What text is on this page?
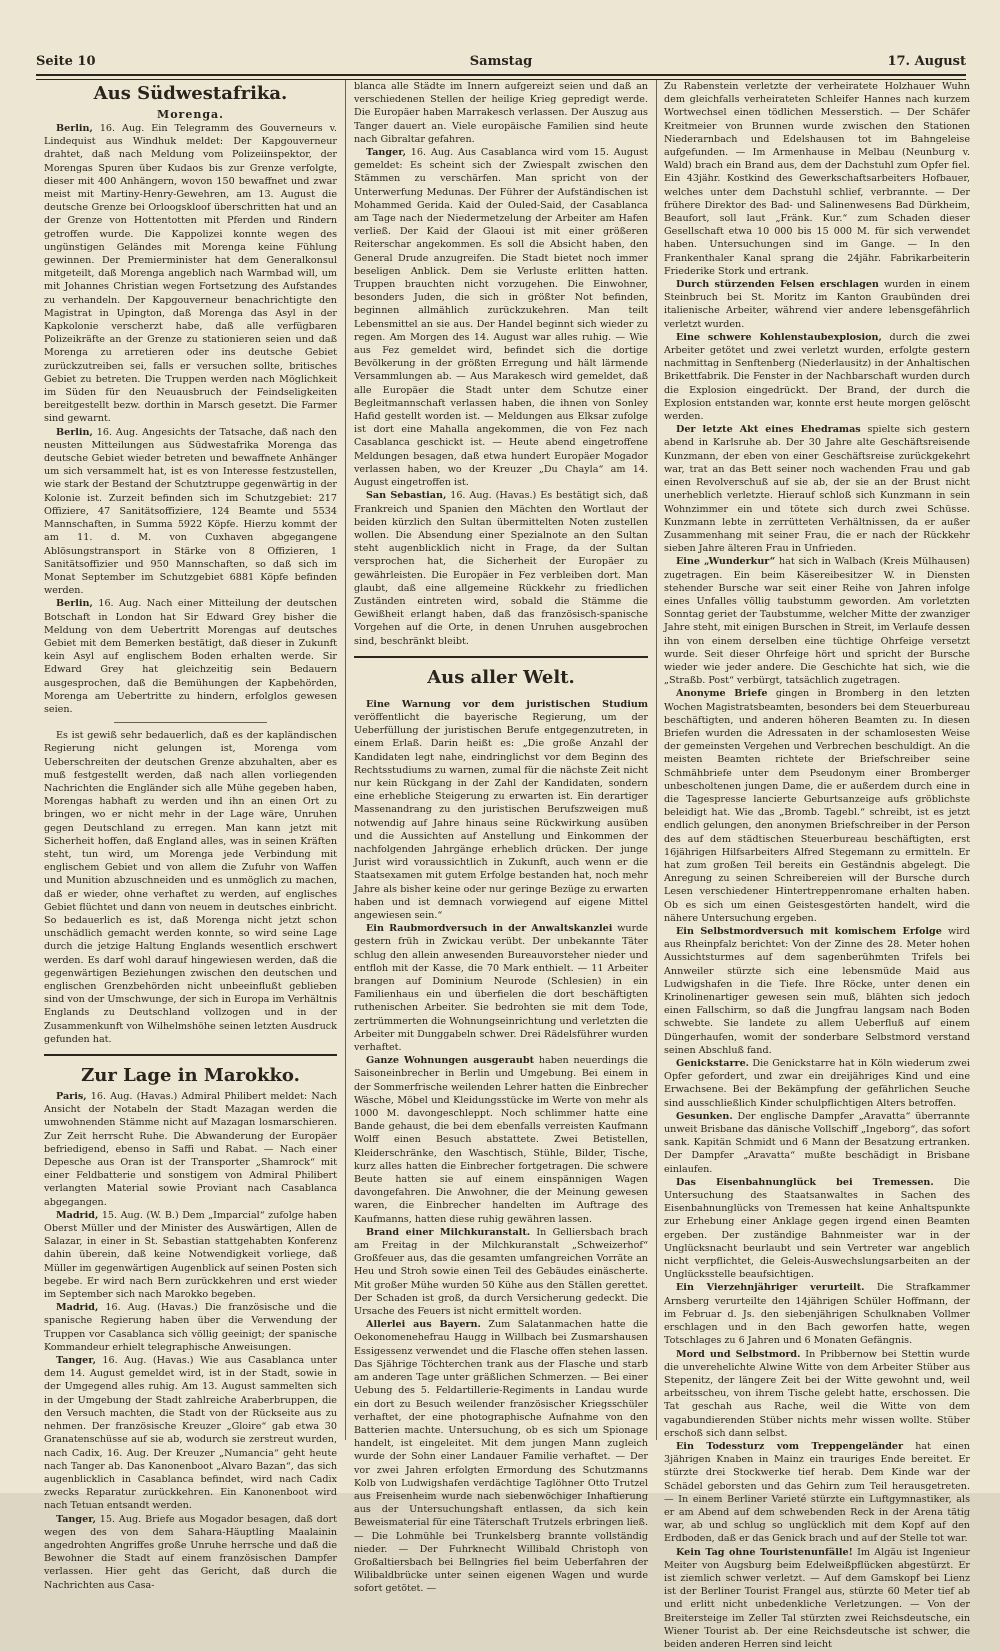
Seite 10	Samstag	17. August
Aus Südwestafrika.
Morenga.

Berlin, 16. Aug. Ein Telegramm des Gouverneurs v. Lindequist aus Windhuk meldet: Der Kapgouverneur drahtet, daß nach Meldung vom Polizeiinspektor, der Morengas Spuren über Kudaos bis zur Grenze verfolgte, dieser mit 400 Anhängern, wovon 150 bewaffnet und zwar meist mit Martiny-Henry-Gewehren, am 13. August die deutsche Grenze bei Orloogskloof überschritten hat und an der Grenze von Hottentotten mit Pferden und Rindern getroffen wurde. Die Kappolizei konnte wegen des ungünstigen Geländes mit Morenga keine Fühlung gewinnen. Der Premierminister hat dem Generalkonsul mitgeteilt, daß Morenga angeblich nach Warmbad will, um mit Johannes Christian wegen Fortsetzung des Aufstandes zu verhandeln. Der Kapgouverneur benachrichtigte den Magistrat in Upington, daß Morenga das Asyl in der Kapkolonie verscherzt habe, daß alle verfügbaren Polizeikräfte an der Grenze zu stationieren seien und daß Morenga zu arretieren oder ins deutsche Gebiet zurückzutreiben sei, falls er versuchen sollte, britisches Gebiet zu betreten. Die Truppen werden nach Möglichkeit im Süden für den Neuausbruch der Feindseligkeiten bereitgestellt bezw. dorthin in Marsch gesetzt. Die Farmer sind gewarnt.

Berlin, 16. Aug. Angesichts der Tatsache, daß nach den neusten Mitteilungen aus Südwestafrika Morenga das deutsche Gebiet wieder betreten und bewaffnete Anhänger um sich versammelt hat, ist es von Interesse festzustellen, wie stark der Bestand der Schutztruppe gegenwärtig in der Kolonie ist. Zurzeit befinden sich im Schutzgebiet: 217 Offiziere, 47 Sanitätsoffiziere, 124 Beamte und 5534 Mannschaften, in Summa 5922 Köpfe. Hierzu kommt der am 11. d. M. von Cuxhaven abgegangene Ablösungstransport in Stärke von 8 Offizieren, 1 Sanitätsoffizier und 950 Mannschaften, so daß sich im Monat September im Schutzgebiet 6881 Köpfe befinden werden.

Berlin, 16. Aug. Nach einer Mitteilung der deutschen Botschaft in London hat Sir Edward Grey bisher die Meldung von dem Uebertritt Morengas auf deutsches Gebiet mit dem Bemerken bestätigt, daß dieser in Zukunft kein Asyl auf englischem Boden erhalten werde. Sir Edward Grey hat gleichzeitig sein Bedauern ausgesprochen, daß die Bemühungen der Kapbehörden, Morenga am Uebertritte zu hindern, erfolglos gewesen seien.

Es ist gewiß sehr bedauerlich, daß es der kapländischen Regierung nicht gelungen ist, Morenga vom Ueberschreiten der deutschen Grenze abzuhalten, aber es muß festgestellt werden, daß nach allen vorliegenden Nachrichten die Engländer sich alle Mühe gegeben haben, Morengas habhaft zu werden und ihn an einen Ort zu bringen, wo er nicht mehr in der Lage wäre, Unruhen gegen Deutschland zu erregen. Man kann jetzt mit Sicherheit hoffen, daß England alles, was in seinen Kräften steht, tun wird, um Morenga jede Verbindung mit englischem Gebiet und von allem die Zufuhr von Waffen und Munition abzuschneiden und es unmöglich zu machen, daß er wieder, ohne verhaftet zu werden, auf englisches Gebiet flüchtet und dann von neuem in deutsches einbricht. So bedauerlich es ist, daß Morenga nicht jetzt schon unschädlich gemacht werden konnte, so wird seine Lage durch die jetzige Haltung Englands wesentlich erschwert werden. Es darf wohl darauf hingewiesen werden, daß die gegenwärtigen Beziehungen zwischen den deutschen und englischen Grenzbehörden nicht unbeeinflußt geblieben sind von der Umschwunge, der sich in Europa im Verhältnis Englands zu Deutschland vollzogen und in der Zusammenkunft von Wilhelmshöhe seinen letzten Ausdruck gefunden hat.

Zur Lage in Marokko.

Paris, 16. Aug. (Havas.) Admiral Philibert meldet: Nach Ansicht der Notabeln der Stadt Mazagan werden die umwohnenden Stämme nicht auf Mazagan losmarschieren. Zur Zeit herrscht Ruhe. Die Abwanderung der Europäer befriedigend, ebenso in Saffi und Rabat. — Nach einer Depesche aus Oran ist der Transporter „Shamrock“ mit einer Feldbatterie und sonstigem von Admiral Philibert verlangten Material sowie Proviant nach Casablanca abgegangen.

Madrid, 15. Aug. (W. B.) Dem „Imparcial“ zufolge haben Oberst Müller und der Minister des Auswärtigen, Allen de Salazar, in einer in St. Sebastian stattgehabten Konferenz dahin überein, daß keine Notwendigkeit vorliege, daß Müller im gegenwärtigen Augenblick auf seinen Posten sich begebe. Er wird nach Bern zurückkehren und erst wieder im September sich nach Marokko begeben.

Madrid, 16. Aug. (Havas.) Die französische und die spanische Regierung haben über die Verwendung der Truppen vor Casablanca sich völlig geeinigt; der spanische Kommandeur erhielt telegraphische Anweisungen.

Tanger, 16. Aug. (Havas.) Wie aus Casablanca unter dem 14. August gemeldet wird, ist in der Stadt, sowie in der Umgegend alles ruhig. Am 13. August sammelten sich in der Umgebung der Stadt zahlreiche Araberbruppen, die den Versuch machten, die Stadt von der Rückseite aus zu nehmen. Der französische Kreuzer „Gloire“ gab etwa 30 Granatenschüsse auf sie ab, wodurch sie zerstreut wurden, nach Cadix, 16. Aug. Der Kreuzer „Numancia“ geht heute nach Tanger ab. Das Kanonenboot „Alvaro Bazan“, das sich augenblicklich in Casablanca befindet, wird nach Cadix zwecks Reparatur zurückkehren. Ein Kanonenboot wird nach Tetuan entsandt werden.

Tanger, 15. Aug. Briefe aus Mogador besagen, daß dort wegen des von dem Sahara-Häuptling Maalainin angedrohten Angriffes große Unruhe herrsche und daß die Bewohner die Stadt auf einem französischen Dampfer verlassen. Hier geht das Gericht, daß durch die Nachrichten aus Casa-

blanca alle Städte im Innern aufgereizt seien und daß an verschiedenen Stellen der heilige Krieg gepredigt werde. Die Europäer haben Marrakesch verlassen. Der Auszug aus Tanger dauert an. Viele europäische Familien sind heute nach Gibraltar gefahren.

Tanger, 16. Aug. Aus Casablanca wird vom 15. August gemeldet: Es scheint sich der Zwiespalt zwischen den Stämmen zu verschärfen. Man spricht von der Unterwerfung Medunas. Der Führer der Aufständischen ist Mohammed Gerida. Kaid der Ouled-Said, der Casablanca am Tage nach der Niedermetzelung der Arbeiter am Hafen verließ. Der Kaid der Glaoui ist mit einer größeren Reiterschar angekommen. Es soll die Absicht haben, den General Drude anzugreifen. Die Stadt bietet noch immer beseligen Anblick. Dem sie Verluste erlitten hatten. Truppen brauchten nicht vorzugehen. Die Einwohner, besonders Juden, die sich in größter Not befinden, beginnen allmählich zurückzukehren. Man teilt Lebensmittel an sie aus. Der Handel beginnt sich wieder zu regen. Am Morgen des 14. August war alles ruhig. — Wie aus Fez gemeldet wird, befindet sich die dortige Bevölkerung in der größten Erregung und hält lärmende Versammlungen ab. — Aus Marakesch wird gemeldet, daß alle Europäer die Stadt unter dem Schutze einer Begleitmannschaft verlassen haben, die ihnen von Sonley Hafid gestellt worden ist. — Meldungen aus Elksar zufolge ist dort eine Mahalla angekommen, die von Fez nach Casablanca geschickt ist. — Heute abend eingetroffene Meldungen besagen, daß etwa hundert Europäer Mogador verlassen haben, wo der Kreuzer „Du Chayla“ am 14. August eingetroffen ist.

San Sebastian, 16. Aug. (Havas.) Es bestätigt sich, daß Frankreich und Spanien den Mächten den Wortlaut der beiden kürzlich den Sultan übermittelten Noten zustellen wollen. Die Absendung einer Spezialnote an den Sultan steht augenblicklich nicht in Frage, da der Sultan versprochen hat, die Sicherheit der Europäer zu gewährleisten. Die Europäer in Fez verbleiben dort. Man glaubt, daß eine allgemeine Rückkehr zu friedlichen Zuständen eintreten wird, sobald die Stämme die Gewißheit erlangt haben, daß das französisch-spanische Vorgehen auf die Orte, in denen Unruhen ausgebrochen sind, beschränkt bleibt.

Aus aller Welt.

Eine Warnung vor dem juristischen Studium veröffentlicht die bayerische Regierung, um der Ueberfüllung der juristischen Berufe entgegenzutreten, in einem Erlaß. Darin heißt es: „Die große Anzahl der Kandidaten legt nahe, eindringlichst vor dem Beginn des Rechtsstudiums zu warnen, zumal für die nächste Zeit nicht nur kein Rückgang in der Zahl der Kandidaten, sondern eine erhebliche Steigerung zu erwarten ist. Ein derartiger Massenandrang zu den juristischen Berufszweigen muß notwendig auf Jahre hinaus seine Rückwirkung ausüben und die Aussichten auf Anstellung und Einkommen der nachfolgenden Jahrgänge erheblich drücken. Der junge Jurist wird voraussichtlich in Zukunft, auch wenn er die Staatsexamen mit gutem Erfolge bestanden hat, noch mehr Jahre als bisher keine oder nur geringe Bezüge zu erwarten haben und ist demnach vorwiegend auf eigene Mittel angewiesen sein.“

Ein Raubmordversuch in der Anwaltskanzlei wurde gestern früh in Zwickau verübt. Der unbekannte Täter schlug den allein anwesenden Bureauvorsteher nieder und entfloh mit der Kasse, die 70 Mark enthielt. — 11 Arbeiter brangen auf Dominium Neurode (Schlesien) in ein Familienhaus ein und überfielen die dort beschäftigten ruthenischen Arbeiter. Sie bedrohten sie mit dem Tode, zertrümmerten die Wohnungseinrichtung und verletzten die Arbeiter mit Dunggabeln schwer. Drei Rädelsführer wurden verhaftet.

Ganze Wohnungen ausgeraubt haben neuerdings die Saisoneinbrecher in Berlin und Umgebung. Bei einem in der Sommerfrische weilenden Lehrer hatten die Einbrecher Wäsche, Möbel und Kleidungsstücke im Werte von mehr als 1000 M. davongeschleppt. Noch schlimmer hatte eine Bande gehaust, die bei dem ebenfalls verreisten Kaufmann Wolff einen Besuch abstattete. Zwei Betistellen, Kleiderschränke, den Waschtisch, Stühle, Bilder, Tische, kurz alles hatten die Einbrecher fortgetragen. Die schwere Beute hatten sie auf einem einspännigen Wagen davongefahren. Die Anwohner, die der Meinung gewesen waren, die Einbrecher handelten im Auftrage des Kaufmanns, hatten diese ruhig gewähren lassen.

Brand einer Milchkuranstalt. In Gelliersbach brach am Freitag in der Milchkuranstalt „Schweizerhof“ Großfeuer aus, das die gesamten umfangreichen Vorräte an Heu und Stroh sowie einen Teil des Gebäudes einäscherte. Mit großer Mühe wurden 50 Kühe aus den Ställen gerettet. Der Schaden ist groß, da durch Versicherung gedeckt. Die Ursache des Feuers ist nicht ermittelt worden.

Allerlei aus Bayern. Zum Salatanmachen hatte die Oekonomenehefrau Haugg in Willbach bei Zusmarshausen Essigessenz verwendet und die Flasche offen stehen lassen. Das Sjährige Töchterchen trank aus der Flasche und starb am anderen Tage unter gräßlichen Schmerzen. — Bei einer Uebung des 5. Feldartillerie-Regiments in Landau wurde ein dort zu Besuch weilender französischer Kriegsschüler verhaftet, der eine photographische Aufnahme von den Batterien machte. Untersuchung, ob es sich um Spionage handelt, ist eingeleitet. Mit dem jungen Mann zugleich wurde der Sohn einer Landauer Familie verhaftet. — Der vor zwei Jahren erfolgten Ermordung des Schutzmanns Kolb von Ludwigshafen verdächtige Taglöhner Otto Trutzel aus Freisenheim wurde nach siebenwöchiger Inhaftierung aus der Untersuchungshaft entlassen, da sich kein Beweismaterial für eine Täterschaft Trutzels erbringen ließ. — Die Lohmühle bei Trunkelsberg brannte vollständig nieder. — Der Fuhrknecht Willibald Christoph von Großaltiersbach bei Bellngries fiel beim Ueberfahren der Wilibaldbrücke unter seinen eigenen Wagen und wurde sofort getötet. —

Zu Rabenstein verletzte der verheiratete Holzhauer Wuhn dem gleichfalls verheirateten Schleifer Hannes nach kurzem Wortwechsel einen tödlichen Messerstich. — Der Schäfer Kreitmeier von Brunnen wurde zwischen den Stationen Niederarnbach und Edelshausen tot im Bahngeleise aufgefunden. — Im Armenhause in Melbau (Neunburg v. Wald) brach ein Brand aus, dem der Dachstuhl zum Opfer fiel. Ein 43jähr. Kostkind des Gewerkschaftsarbeiters Hofbauer, welches unter dem Dachstuhl schlief, verbrannte. — Der frühere Direktor des Bad- und Salinenwesens Bad Dürkheim, Beaufort, soll laut „Fränk. Kur.“ zum Schaden dieser Gesellschaft etwa 10 000 bis 15 000 M. für sich verwendet haben. Untersuchungen sind im Gange. — In den Frankenthaler Kanal sprang die 24jähr. Fabrikarbeiterin Friederike Stork und ertrank.

Durch stürzenden Felsen erschlagen wurden in einem Steinbruch bei St. Moritz im Kanton Graubünden drei italienische Arbeiter, während vier andere lebensgefährlich verletzt wurden.

Eine schwere Kohlenstaubexplosion, durch die zwei Arbeiter getötet und zwei verletzt wurden, erfolgte gestern nachmittag in Senftenberg (Niederlausitz) in der Anhaltischen Brikettfabrik. Die Fenster in der Nachbarschaft wurden durch die Explosion eingedrückt. Der Brand, der durch die Explosion entstanden war, konnte erst heute morgen gelöscht werden.

Der letzte Akt eines Ehedramas spielte sich gestern abend in Karlsruhe ab. Der 30 Jahre alte Geschäftsreisende Kunzmann, der eben von einer Geschäftsreise zurückgekehrt war, trat an das Bett seiner noch wachenden Frau und gab einen Revolverschuß auf sie ab, der sie an der Brust nicht unerheblich verletzte. Hierauf schloß sich Kunzmann in sein Wohnzimmer ein und tötete sich durch zwei Schüsse. Kunzmann lebte in zerrütteten Verhältnissen, da er außer Zusammenhang mit seiner Frau, die er nach der Rückkehr sieben Jahre älteren Frau in Unfrieden.

Eine „Wunderkur“ hat sich in Walbach (Kreis Mülhausen) zugetragen. Ein beim Käsereibesitzer W. in Diensten stehender Bursche war seit einer Reihe von Jahren infolge eines Unfalles völlig taubstumm geworden. Am vorletzten Sonntag geriet der Taubstumme, welcher Mitte der zwanziger Jahre steht, mit einigen Burschen in Streit, im Verlaufe dessen ihn von einem derselben eine tüchtige Ohrfeige versetzt wurde. Seit dieser Ohrfeige hört und spricht der Bursche wieder wie jeder andere. Die Geschichte hat sich, wie die „Straßb. Post“ verbürgt, tatsächlich zugetragen.

Anonyme Briefe gingen in Bromberg in den letzten Wochen Magistratsbeamten, besonders bei dem Steuerbureau beschäftigten, und anderen höheren Beamten zu. In diesen Briefen wurden die Adressaten in der schamlosesten Weise der gemeinsten Vergehen und Verbrechen beschuldigt. An die meisten Beamten richtete der Briefschreiber seine Schmähbriefe unter dem Pseudonym einer Bromberger unbescholtenen jungen Dame, die er außerdem durch eine in die Tagespresse lancierte Geburtsanzeige aufs gröblichste beleidigt hat. Wie das „Bromb. Tagebl.“ schreibt, ist es jetzt endlich gelungen, den anonymen Briefschreiber in der Person des auf dem städtischen Steuerbureau beschäftigten, erst 16jährigen Hilfsarbeiters Alfred Stegemann zu ermitteln. Er hat zum großen Teil bereits ein Geständnis abgelegt. Die Anregung zu seinen Schreibereien will der Bursche durch Lesen verschiedener Hintertreppenromane erhalten haben. Ob es sich um einen Geistesgestörten handelt, wird die nähere Untersuchung ergeben.

Ein Selbstmordversuch mit komischem Erfolge wird aus Rheinpfalz berichtet: Von der Zinne des 28. Meter hohen Aussichtsturmes auf dem sagenberühmten Trifels bei Annweiler stürzte sich eine lebensmüde Maid aus Ludwigshafen in die Tiefe. Ihre Röcke, unter denen ein Krinolinenartiger gewesen sein muß, blähten sich jedoch einen Fallschirm, so daß die Jungfrau langsam nach Boden schwebte. Sie landete zu allem Ueberfluß auf einem Düngerhaufen, womit der sonderbare Selbstmord verstand seinen Abschluß fand.

Genickstarre. Die Genickstarre hat in Köln wiederum zwei Opfer gefordert, und zwar ein dreijähriges Kind und eine Erwachsene. Bei der Bekämpfung der gefährlichen Seuche sind ausschließlich Kinder schulpflichtigen Alters betroffen.

Gesunken. Der englische Dampfer „Aravatta“ überrannte unweit Brisbane das dänische Vollschiff „Ingeborg“, das sofort sank. Kapitän Schmidt und 6 Mann der Besatzung ertranken. Der Dampfer „Aravatta“ mußte beschädigt in Brisbane einlaufen.

Das Eisenbahnunglück bei Tremessen. Die Untersuchung des Staatsanwaltes in Sachen des Eisenbahnunglücks von Tremessen hat keine Anhaltspunkte zur Erhebung einer Anklage gegen irgend einen Beamten ergeben. Der zuständige Bahnmeister war in der Unglücksnacht beurlaubt und sein Vertreter war angeblich nicht verpflichtet, die Geleis-Auswechslungsarbeiten an der Unglücksstelle beaufsichtigen.

Ein Vierzehnjähriger verurteilt. Die Strafkammer Arnsberg verurteilte den 14jährigen Schüler Hoffmann, der im Februar d. Js. den siebenjährigen Schulknaben Vollmer erschlagen und in den Bach geworfen hatte, wegen Totschlages zu 6 Jahren und 6 Monaten Gefängnis.

Mord und Selbstmord. In Pribbernow bei Stettin wurde die unverehelichte Alwine Witte von dem Arbeiter Stüber aus Stepenitz, der längere Zeit bei der Witte gewohnt und, weil arbeitsscheu, von ihrem Tische gelebt hatte, erschossen. Die Tat geschah aus Rache, weil die Witte von dem vagabundierenden Stüber nichts mehr wissen wollte. Stüber erschoß sich dann selbst.

Ein Todessturz vom Treppengeländer hat einen 3jährigen Knaben in Mainz ein trauriges Ende bereitet. Er stürzte drei Stockwerke tief herab. Dem Kinde war der Schädel geborsten und das Gehirn zum Teil herausgetreten. — In einem Berliner Varieté stürzte ein Luftgymnastiker, als er am Abend auf dem schwebenden Reck in der Arena tätig war, ab und schlug so unglücklich mit dem Kopf auf den Erdboden, daß er das Genick brach und auf der Stelle tot war.

Kein Tag ohne Touristenunfälle! Im Algäu ist Ingenieur Meiter von Augsburg beim Edelweißpflücken abgestürzt. Er ist ziemlich schwer verletzt. — Auf dem Gamskopf bei Lienz ist der Berliner Tourist Frangel aus, stürzte 60 Meter tief ab und erlitt nicht unbedenkliche Verletzungen. — Von der Breitersteige im Zeller Tal stürzten zwei Reichsdeutsche, ein Wiener Tourist ab. Der eine Reichsdeutsche ist schwer, die beiden anderen Herren sind leicht
